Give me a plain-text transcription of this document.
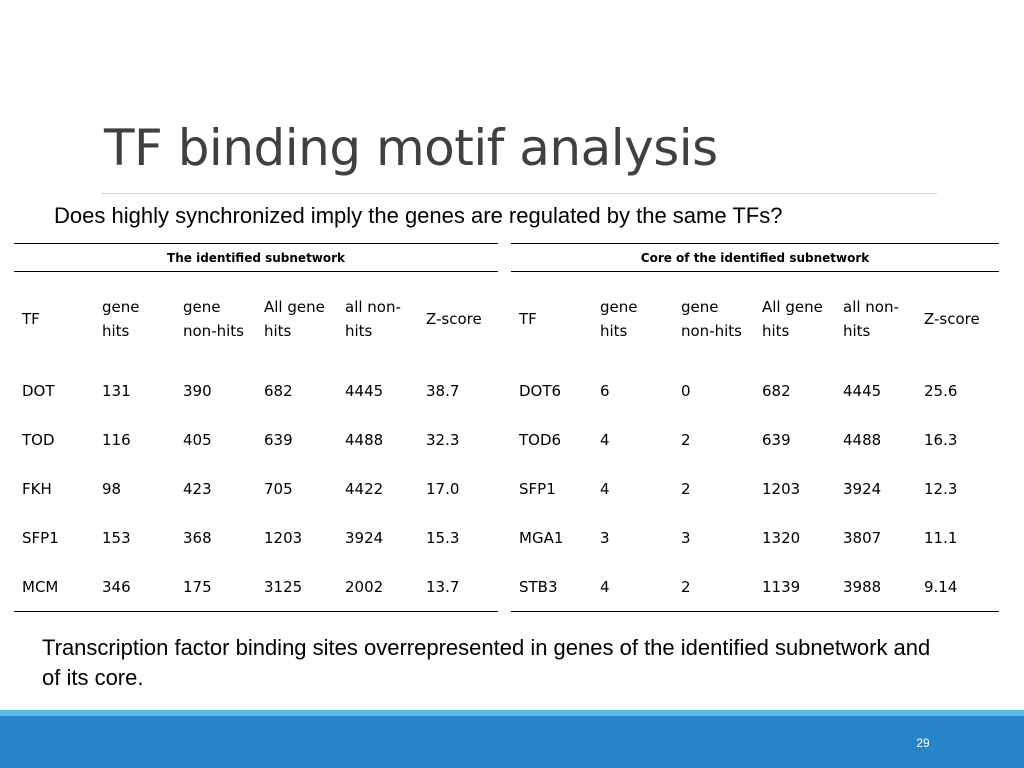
TF binding motif analysis
Does highly synchronized imply the genes are regulated by the same TFs?
The identified subnetwork					
TF	gene hits	gene non-hits	All gene hits	all non-hits	Z-score
DOT	131	390	682	4445	38.7
TOD	116	405	639	4488	32.3
FKH	98	423	705	4422	17.0
SFP1	153	368	1203	3924	15.3
MCM	346	175	3125	2002	13.7
Core of the identified subnetwork					
TF	gene hits	gene non-hits	All gene hits	all non-hits	Z-score
DOT6	6	0	682	4445	25.6
TOD6	4	2	639	4488	16.3
SFP1	4	2	1203	3924	12.3
MGA1	3	3	1320	3807	11.1
STB3	4	2	1139	3988	9.14
Transcription factor binding sites overrepresented in genes of the identified subnetwork and of its core.
29
